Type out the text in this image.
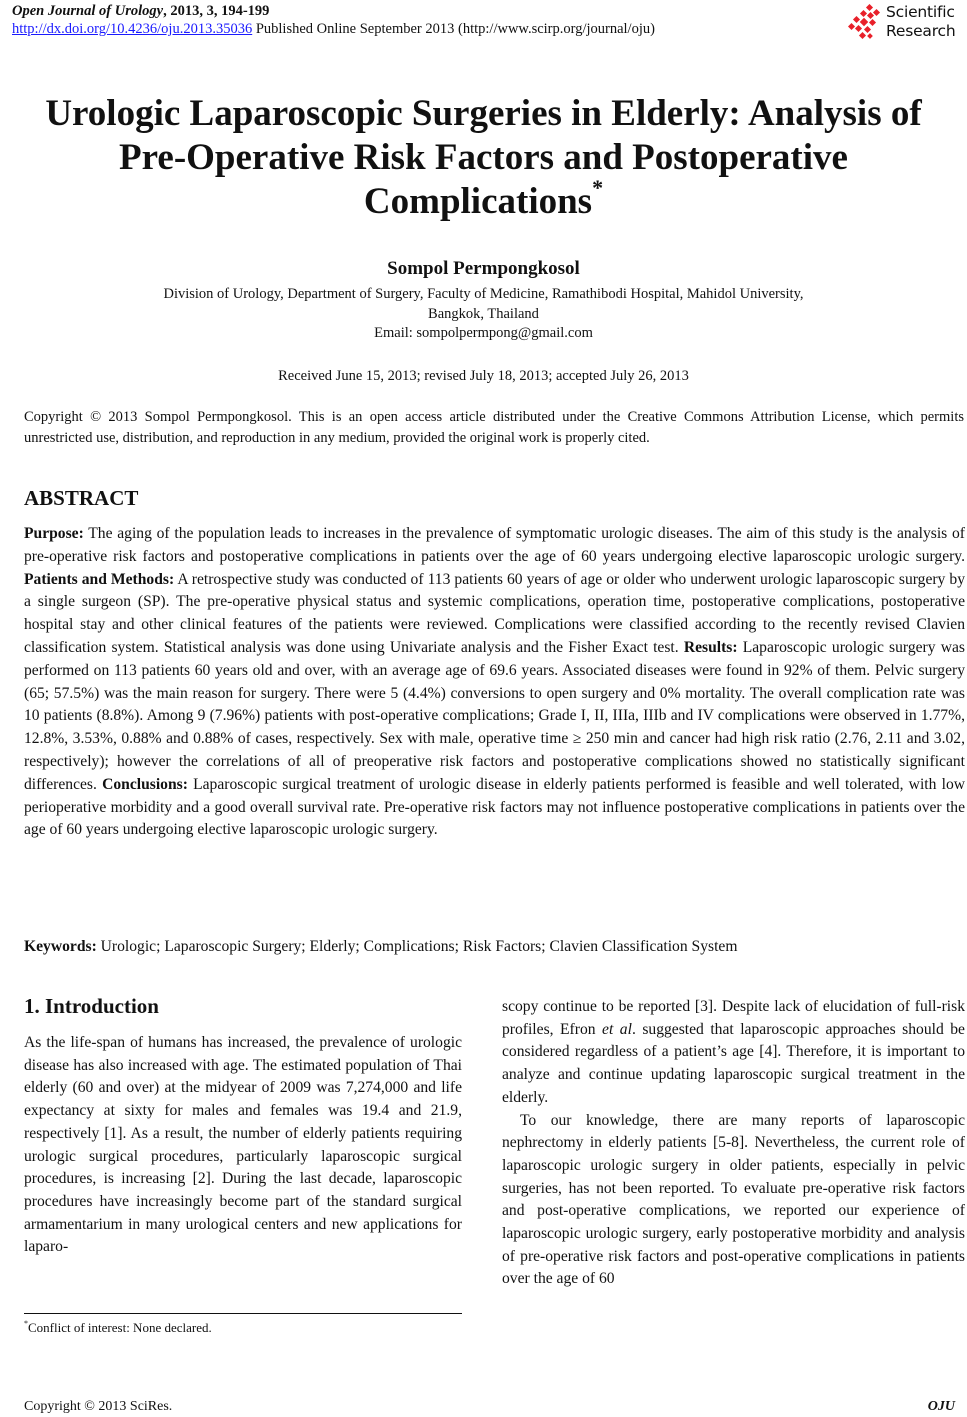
Open Journal of Urology, 2013, 3, 194-199
http://dx.doi.org/10.4236/oju.2013.35036 Published Online September 2013 (http://www.scirp.org/journal/oju)
Scientific
Research
Urologic Laparoscopic Surgeries in Elderly: Analysis of
Pre-Operative Risk Factors and Postoperative
Complications*
Sompol Permpongkosol
Division of Urology, Department of Surgery, Faculty of Medicine, Ramathibodi Hospital, Mahidol University,
Bangkok, Thailand
Email: sompolpermpong@gmail.com
Received June 15, 2013; revised July 18, 2013; accepted July 26, 2013
Copyright © 2013 Sompol Permpongkosol. This is an open access article distributed under the Creative Commons Attribution License, which permits unrestricted use, distribution, and reproduction in any medium, provided the original work is properly cited.
ABSTRACT
Purpose: The aging of the population leads to increases in the prevalence of symptomatic urologic diseases. The aim of this study is the analysis of pre-operative risk factors and postoperative complications in patients over the age of 60 years undergoing elective laparoscopic urologic surgery. Patients and Methods: A retrospective study was conducted of 113 patients 60 years of age or older who underwent urologic laparoscopic surgery by a single surgeon (SP). The pre-operative physical status and systemic complications, operation time, postoperative complications, postoperative hospital stay and other clinical features of the patients were reviewed. Complications were classified according to the recently revised Clavien classification system. Statistical analysis was done using Univariate analysis and the Fisher Exact test. Results: Laparoscopic urologic surgery was performed on 113 patients 60 years old and over, with an average age of 69.6 years. Associated diseases were found in 92% of them. Pelvic surgery (65; 57.5%) was the main reason for surgery. There were 5 (4.4%) conversions to open surgery and 0% mortality. The overall complication rate was 10 patients (8.8%). Among 9 (7.96%) patients with post-operative complications; Grade I, II, IIIa, IIIb and IV complications were observed in 1.77%, 12.8%, 3.53%, 0.88% and 0.88% of cases, respectively. Sex with male, operative time ≥ 250 min and cancer had high risk ratio (2.76, 2.11 and 3.02, respectively); however the correlations of all of preoperative risk factors and postoperative complications showed no statistically significant differences. Conclusions: Laparoscopic surgical treatment of urologic disease in elderly patients performed is feasible and well tolerated, with low perioperative morbidity and a good overall survival rate. Pre-operative risk factors may not influence postoperative complications in patients over the age of 60 years undergoing elective laparoscopic urologic surgery.
Keywords: Urologic; Laparoscopic Surgery; Elderly; Complications; Risk Factors; Clavien Classification System
1. Introduction

As the life-span of humans has increased, the prevalence of urologic disease has also increased with age. The estimated population of Thai elderly (60 and over) at the midyear of 2009 was 7,274,000 and life expectancy at sixty for males and females was 19.4 and 21.9, respectively [1]. As a result, the number of elderly patients requiring urologic surgical procedures, particularly laparoscopic surgical procedures, is increasing [2]. During the last decade, laparoscopic procedures have increasingly become part of the standard surgical armamentarium in many urological centers and new applications for laparo-

scopy continue to be reported [3]. Despite lack of elucidation of full-risk profiles, Efron et al. suggested that laparoscopic approaches should be considered regardless of a patient’s age [4]. Therefore, it is important to analyze and continue updating laparoscopic surgical treatment in the elderly.

To our knowledge, there are many reports of laparoscopic nephrectomy in elderly patients [5-8]. Nevertheless, the current role of laparoscopic urologic surgery in older patients, especially in pelvic surgeries, has not been reported. To evaluate pre-operative risk factors and post-operative complications, we reported our experience of laparoscopic urologic surgery, early postoperative morbidity and analysis of pre-operative risk factors and post-operative complications in patients over the age of 60

*Conflict of interest: None declared.
Copyright © 2013 SciRes.	OJU
